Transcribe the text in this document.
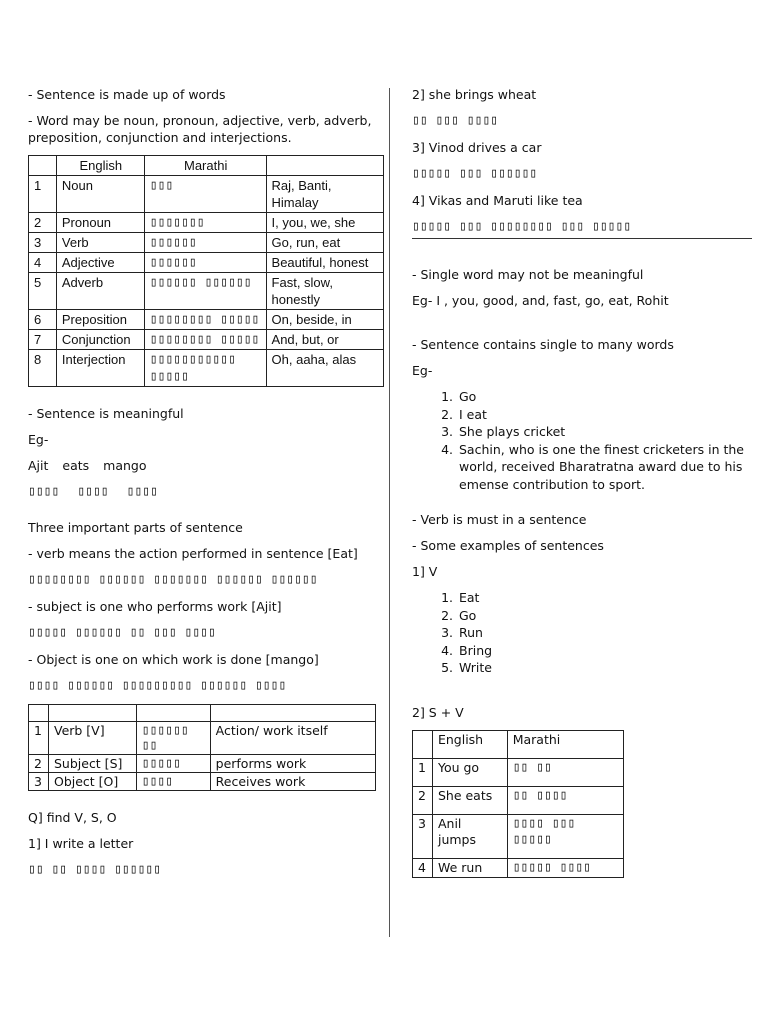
- Sentence is made up of words

- Word may be noun, pronoun, adjective, verb, adverb, preposition, conjunction and interjections.

	English	Marathi	
1	Noun	▯▯▯	Raj, Banti, Himalay
2	Pronoun	▯▯▯▯▯▯▯	I, you, we, she
3	Verb	▯▯▯▯▯▯	Go, run, eat
4	Adjective	▯▯▯▯▯▯	Beautiful, honest
5	Adverb	▯▯▯▯▯▯ ▯▯▯▯▯▯	Fast, slow, honestly
6	Preposition	▯▯▯▯▯▯▯▯ ▯▯▯▯▯	On, beside, in
7	Conjunction	▯▯▯▯▯▯▯▯ ▯▯▯▯▯	And, but, or
8	Interjection	▯▯▯▯▯▯▯▯▯▯▯ ▯▯▯▯▯	Oh, aaha, alas

- Sentence is meaningful

Eg-

Ajit eats mango

▯▯▯▯ ▯▯▯▯ ▯▯▯▯

Three important parts of sentence

- verb means the action performed in sentence [Eat]

▯▯▯▯▯▯▯▯ ▯▯▯▯▯▯ ▯▯▯▯▯▯▯ ▯▯▯▯▯▯ ▯▯▯▯▯▯

- subject is one who performs work [Ajit]

▯▯▯▯▯ ▯▯▯▯▯▯ ▯▯ ▯▯▯ ▯▯▯▯

- Object is one on which work is done [mango]

▯▯▯▯ ▯▯▯▯▯▯ ▯▯▯▯▯▯▯▯▯ ▯▯▯▯▯▯ ▯▯▯▯

1	Verb [V]	▯▯▯▯▯▯ ▯▯	Action/ work itself
2	Subject [S]	▯▯▯▯▯	performs work
3	Object [O]	▯▯▯▯	Receives work

Q] find V, S, O

1] I write a letter

▯▯ ▯▯ ▯▯▯▯ ▯▯▯▯▯▯

2] she brings wheat

▯▯ ▯▯▯ ▯▯▯▯

3] Vinod drives a car

▯▯▯▯▯ ▯▯▯ ▯▯▯▯▯▯

4] Vikas and Maruti like tea

▯▯▯▯▯ ▯▯▯ ▯▯▯▯▯▯▯▯ ▯▯▯ ▯▯▯▯▯

- Single word may not be meaningful

Eg- I , you, good, and, fast, go, eat, Rohit

- Sentence contains single to many words

Eg-

1. Go
2. I eat
3. She plays cricket
4. Sachin, who is one the finest cricketers in the world, received Bharatratna award due to his emense contribution to sport.

- Verb is must in a sentence

- Some examples of sentences

1] V

1. Eat
2. Go
3. Run
4. Bring
5. Write

2] S + V

	English	Marathi
1	You go	▯▯ ▯▯
2	She eats	▯▯ ▯▯▯▯
3	Anil jumps	▯▯▯▯ ▯▯▯ ▯▯▯▯▯
4	We run	▯▯▯▯▯ ▯▯▯▯
